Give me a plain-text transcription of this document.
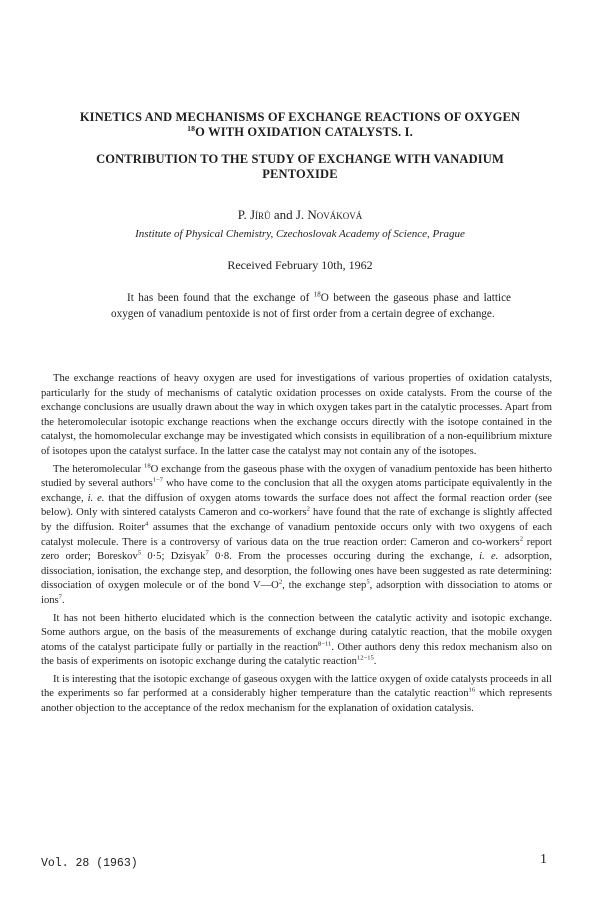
KINETICS AND MECHANISMS OF EXCHANGE REACTIONS OF OXYGEN
$^{18}$O WITH OXIDATION CATALYSTS. I.
CONTRIBUTION TO THE STUDY OF EXCHANGE WITH VANADIUM
PENTOXIDE
P. Jírů and J. Nováková
Institute of Physical Chemistry, Czechoslovak Academy of Science, Prague
Received February 10th, 1962

It has been found that the exchange of $^{18}$O between the gaseous phase and lattice oxygen of vanadium pentoxide is not of first order from a certain degree of exchange.

The exchange reactions of heavy oxygen are used for investigations of various properties of oxidation catalysts, particularly for the study of mechanisms of catalytic oxidation processes on oxide catalysts. From the course of the exchange conclusions are usually drawn about the way in which oxygen takes part in the catalytic processes. Apart from the heteromolecular isotopic exchange reactions when the exchange occurs directly with the isotope contained in the catalyst, the homomolecular exchange may be investigated which consists in equilibration of a non-equilibrium mixture of isotopes upon the catalyst surface. In the latter case the catalyst may not contain any of the isotopes.

The heteromolecular $^{18}$O exchange from the gaseous phase with the oxygen of vanadium pentoxide has been hitherto studied by several authors$^{1-7}$ who have come to the conclusion that all the oxygen atoms participate equivalently in the exchange, i. e. that the diffusion of oxygen atoms towards the surface does not affect the formal reaction order (see below). Only with sintered catalysts Cameron and co-workers$^2$ have found that the rate of exchange is slightly affected by the diffusion. Roiter$^4$ assumes that the exchange of vanadium pentoxide occurs only with two oxygens of each catalyst molecule. There is a controversy of various data on the true reaction order: Cameron and co-workers$^2$ report zero order; Boreskov$^5$ 0·5; Dzisyak$^7$ 0·8. From the processes occuring during the exchange, i. e. adsorption, dissociation, ionisation, the exchange step, and desorption, the following ones have been suggested as rate determining: dissociation of oxygen molecule or of the bond $V—O^2$, the exchange step$^5$, adsorption with dissociation to atoms or ions$^7$.

It has not been hitherto elucidated which is the connection between the catalytic activity and isotopic exchange. Some authors argue, on the basis of the measurements of exchange during catalytic reaction, that the mobile oxygen atoms of the catalyst participate fully or partially in the reaction$^{8-11}$. Other authors deny this redox mechanism also on the basis of experiments on isotopic exchange during the catalytic reaction$^{12-15}$.

It is interesting that the isotopic exchange of gaseous oxygen with the lattice oxygen of oxide catalysts proceeds in all the experiments so far performed at a considerably higher temperature than the catalytic reaction$^{16}$ which represents another objection to the acceptance of the redox mechanism for the explanation of oxidation catalysis.

Vol. 28 (1963)	1
